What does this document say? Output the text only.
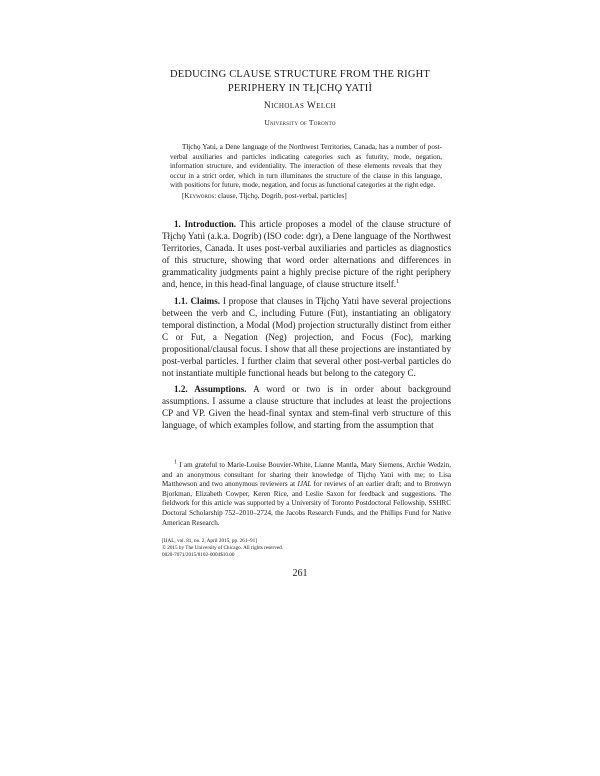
DEDUCING CLAUSE STRUCTURE FROM THE RIGHT
PERIPHERY IN TŁĮCHǪ YATIÌ
Nicholas Welch
University of Toronto

Tłįchǫ Yatıì, a Dene language of the Northwest Territories, Canada, has a number of post-verbal auxiliaries and particles indicating categories such as futurity, mode, negation, information structure, and evidentiality. The interaction of these elements reveals that they occur in a strict order, which in turn illuminates the structure of the clause in this language, with positions for future, mode, negation, and focus as functional categories at the right edge.

[Keywords: clause, Tłįchǫ, Dogrib, post-verbal, particles]

1. Introduction. This article proposes a model of the clause structure of Tłįchǫ Yatıì (a.k.a. Dogrib) (ISO code: dgr), a Dene language of the Northwest Territories, Canada. It uses post-verbal auxiliaries and particles as diagnostics of this structure, showing that word order alternations and differences in grammaticality judgments paint a highly precise picture of the right periphery and, hence, in this head-final language, of clause structure itself.$^1$

1.1. Claims. I propose that clauses in Tłįchǫ Yatıì have several projections between the verb and C, including Future (Fut), instantiating an obligatory temporal distinction, a Modal (Mod) projection structurally distinct from either C or Fut, a Negation (Neg) projection, and Focus (Foc), marking propositional/clausal focus. I show that all these projections are instantiated by post-verbal particles. I further claim that several other post-verbal particles do not instantiate multiple functional heads but belong to the category C.

1.2. Assumptions. A word or two is in order about background assumptions. I assume a clause structure that includes at least the projections CP and VP. Given the head-final syntax and stem-final verb structure of this language, of which examples follow, and starting from the assumption that

$^1$ I am grateful to Marie-Louise Bouvier-White, Lianne Mantla, Mary Siemens, Archie Wedzin, and an anonymous consultant for sharing their knowledge of Tłįchǫ Yatıì with me; to Lisa Matthewson and two anonymous reviewers at IJAL for reviews of an earlier draft; and to Bronwyn Bjorkman, Elizabeth Cowper, Keren Rice, and Leslie Saxon for feedback and suggestions. The fieldwork for this article was supported by a University of Toronto Postdoctoral Fellowship, SSHRC Doctoral Scholarship 752–2010–2724, the Jacobs Research Funds, and the Phillips Fund for Native American Research.

[IJAL, vol. 81, no. 2, April 2015, pp. 261–91]
© 2015 by The University of Chicago. All rights reserved.
0020-7071/2015/8102-0004$10.00
261
